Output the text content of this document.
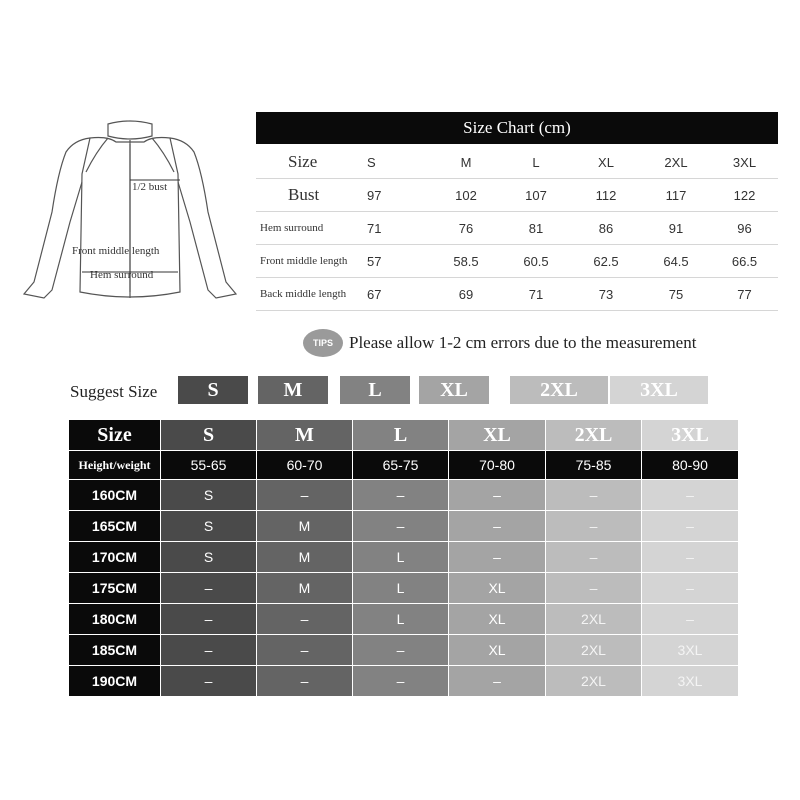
1/2 bust
Front middle length
Hem surround
Size Chart (cm)
Size	S	M	L	XL	2XL	3XL
Bust	97	102	107	112	117	122
Hem surround	71	76	81	86	91	96
Front middle length	57	58.5	60.5	62.5	64.5	66.5
Back middle length	67	69	71	73	75	77
TIPS Please allow 1-2 cm errors due to the measurement
Suggest Size	S	M	L	XL	2XL	3XL
Size	S	M	L	XL	2XL	3XL
Height/weight	55-65	60-70	65-75	70-80	75-85	80-90
160CM	S	–	–	–	–	–
165CM	S	M	–	–	–	–
170CM	S	M	L	–	–	–
175CM	–	M	L	XL	–	–
180CM	–	–	L	XL	2XL	–
185CM	–	–	–	XL	2XL	3XL
190CM	–	–	–	–	2XL	3XL
